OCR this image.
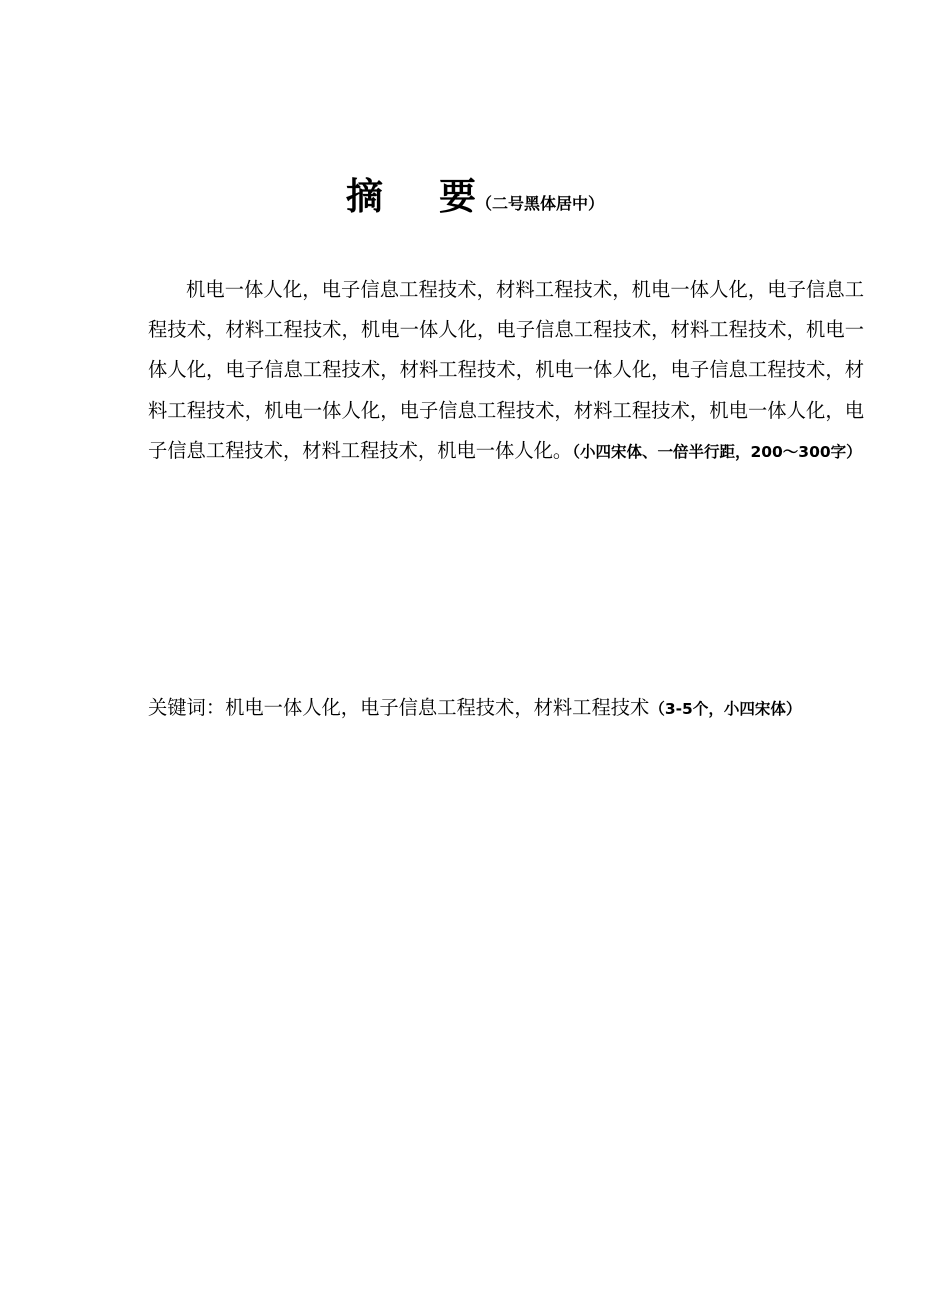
摘 要（二号黑体居中）

机电一体人化，电子信息工程技术，材料工程技术，机电一体人化，电子信息工程技术，材料工程技术，机电一体人化，电子信息工程技术，材料工程技术，机电一体人化，电子信息工程技术，材料工程技术，机电一体人化，电子信息工程技术，材料工程技术，机电一体人化，电子信息工程技术，材料工程技术，机电一体人化，电子信息工程技术，材料工程技术，机电一体人化。（小四宋体、一倍半行距，200～300字）

关键词：机电一体人化，电子信息工程技术，材料工程技术（3-5个，小四宋体）
